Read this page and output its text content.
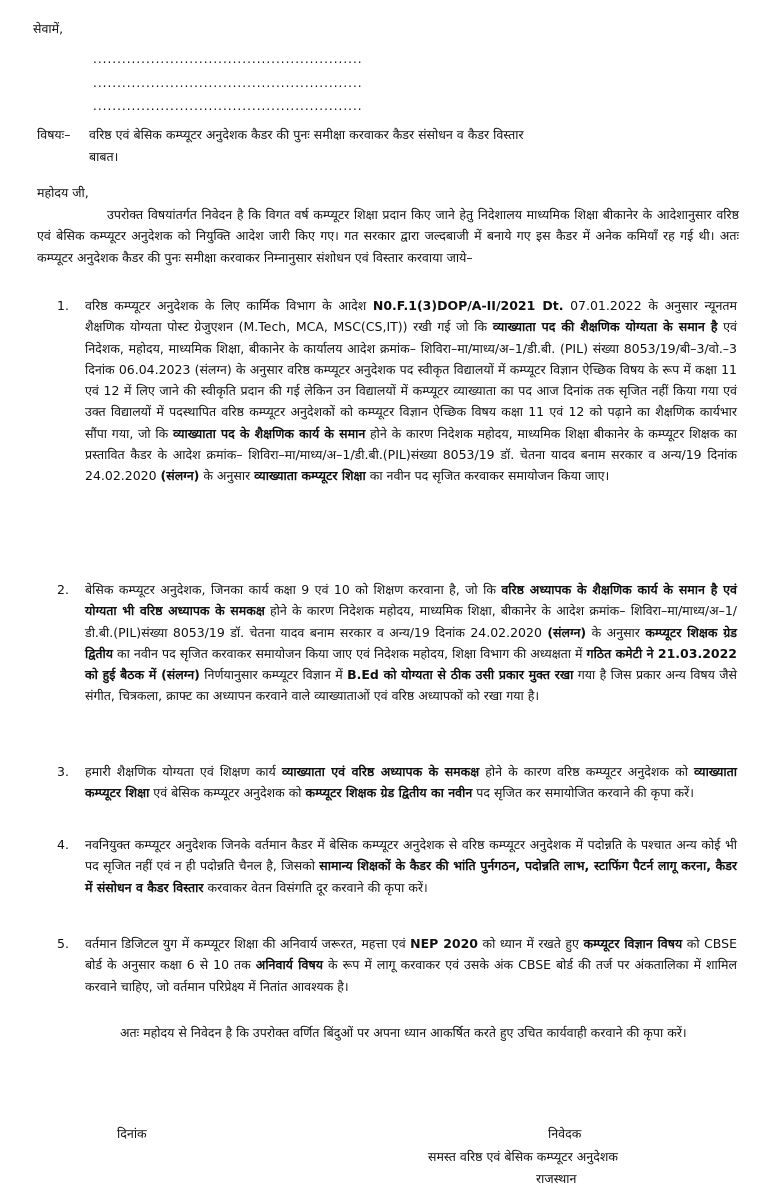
सेवामें,
........................................................
........................................................
........................................................
विषयः– वरिष्ठ एवं बेसिक कम्प्यूटर अनुदेशक कैडर की पुनः समीक्षा करवाकर कैडर संसोधन व कैडर विस्तार
बाबत।
महोदय जी,
उपरोक्त विषयांतर्गत निवेदन है कि विगत वर्ष कम्प्यूटर शिक्षा प्रदान किए जाने हेतु निदेशालय माध्यमिक शिक्षा बीकानेर के आदेशानुसार वरिष्ठ एवं बेसिक कम्प्यूटर अनुदेशक को नियुक्ति आदेश जारी किए गए। गत सरकार द्वारा जल्दबाजी में बनाये गए इस कैडर में अनेक कमियाँ रह गई थी। अतः कम्प्यूटर अनुदेशक कैडर की पुनः समीक्षा करवाकर निम्नानुसार संशोधन एवं विस्तार करवाया जाये–
1. वरिष्ठ कम्प्यूटर अनुदेशक के लिए कार्मिक विभाग के आदेश N0.F.1(3)DOP/A-II/2021 Dt. 07.01.2022 के अनुसार न्यूनतम शैक्षणिक योग्यता पोस्ट ग्रेजुएशन (M.Tech, MCA, MSC(CS,IT)) रखी गई जो कि व्याख्याता पद की शैक्षणिक योग्यता के समान है एवं निदेशक, महोदय, माध्यमिक शिक्षा, बीकानेर के कार्यालय आदेश क्रमांक– शिविरा–मा/माध्य/अ–1/डी.बी. (PIL) संख्या 8053/19/बी–3/वो.–3 दिनांक 06.04.2023 (संलग्न) के अनुसार वरिष्ठ कम्प्यूटर अनुदेशक पद स्वीकृत विद्यालयों में कम्प्यूटर विज्ञान ऐच्छिक विषय के रूप में कक्षा 11 एवं 12 में लिए जाने की स्वीकृति प्रदान की गई लेकिन उन विद्यालयों में कम्प्यूटर व्याख्याता का पद आज दिनांक तक सृजित नहीं किया गया एवं उक्त विद्यालयों में पदस्थापित वरिष्ठ कम्प्यूटर अनुदेशकों को कम्प्यूटर विज्ञान ऐच्छिक विषय कक्षा 11 एवं 12 को पढ़ाने का शैक्षणिक कार्यभार सौंपा गया, जो कि व्याख्याता पद के शैक्षणिक कार्य के समान होने के कारण निदेशक महोदय, माध्यमिक शिक्षा बीकानेर के कम्प्यूटर शिक्षक का प्रस्तावित कैडर के आदेश क्रमांक– शिविरा–मा/माध्य/अ–1/डी.बी.(PIL)संख्या 8053/19 डॉ. चेतना यादव बनाम सरकार व अन्य/19 दिनांक 24.02.2020 (संलग्न) के अनुसार व्याख्याता कम्प्यूटर शिक्षा का नवीन पद सृजित करवाकर समायोजन किया जाए।
2. बेसिक कम्प्यूटर अनुदेशक, जिनका कार्य कक्षा 9 एवं 10 को शिक्षण करवाना है, जो कि वरिष्ठ अध्यापक के शैक्षणिक कार्य के समान है एवं योग्यता भी वरिष्ठ अध्यापक के समकक्ष होने के कारण निदेशक महोदय, माध्यमिक शिक्षा, बीकानेर के आदेश क्रमांक– शिविरा–मा/माध्य/अ–1/डी.बी.(PIL)संख्या 8053/19 डॉ. चेतना यादव बनाम सरकार व अन्य/19 दिनांक 24.02.2020 (संलग्न) के अनुसार कम्प्यूटर शिक्षक ग्रेड द्वितीय का नवीन पद सृजित करवाकर समायोजन किया जाए एवं निदेशक महोदय, शिक्षा विभाग की अध्यक्षता में गठित कमेटी ने 21.03.2022 को हुई बैठक में (संलग्न) निर्णयानुसार कम्प्यूटर विज्ञान में B.Ed को योग्यता से ठीक उसी प्रकार मुक्त रखा गया है जिस प्रकार अन्य विषय जैसे संगीत, चित्रकला, क्राफ्ट का अध्यापन करवाने वाले व्याख्याताओं एवं वरिष्ठ अध्यापकों को रखा गया है।
3. हमारी शैक्षणिक योग्यता एवं शिक्षण कार्य व्याख्याता एवं वरिष्ठ अध्यापक के समकक्ष होने के कारण वरिष्ठ कम्प्यूटर अनुदेशक को व्याख्याता कम्प्यूटर शिक्षा एवं बेसिक कम्प्यूटर अनुदेशक को कम्प्यूटर शिक्षक ग्रेड द्वितीय का नवीन पद सृजित कर समायोजित करवाने की कृपा करें।
4. नवनियुक्त कम्प्यूटर अनुदेशक जिनके वर्तमान कैडर में बेसिक कम्प्यूटर अनुदेशक से वरिष्ठ कम्प्यूटर अनुदेशक में पदोन्नति के पश्चात अन्य कोई भी पद सृजित नहीं एवं न ही पदोन्नति चैनल है, जिसको सामान्य शिक्षकों के कैडर की भांति पुर्नगठन, पदोन्नति लाभ, स्टाफिंग पैटर्न लागू करना, कैडर में संसोधन व कैडर विस्तार करवाकर वेतन विसंगति दूर करवाने की कृपा करें।
5. वर्तमान डिजिटल युग में कम्प्यूटर शिक्षा की अनिवार्य जरूरत, महत्ता एवं NEP 2020 को ध्यान में रखते हुए कम्प्यूटर विज्ञान विषय को CBSE बोर्ड के अनुसार कक्षा 6 से 10 तक अनिवार्य विषय के रूप में लागू करवाकर एवं उसके अंक CBSE बोर्ड की तर्ज पर अंकतालिका में शामिल करवाने चाहिए, जो वर्तमान परिप्रेक्ष्य में नितांत आवश्यक है।
अतः महोदय से निवेदन है कि उपरोक्त वर्णित बिंदुओं पर अपना ध्यान आकर्षित करते हुए उचित कार्यवाही करवाने की कृपा करें।
दिनांक	निवेदक
समस्त वरिष्ठ एवं बेसिक कम्प्यूटर अनुदेशक
राजस्थान
